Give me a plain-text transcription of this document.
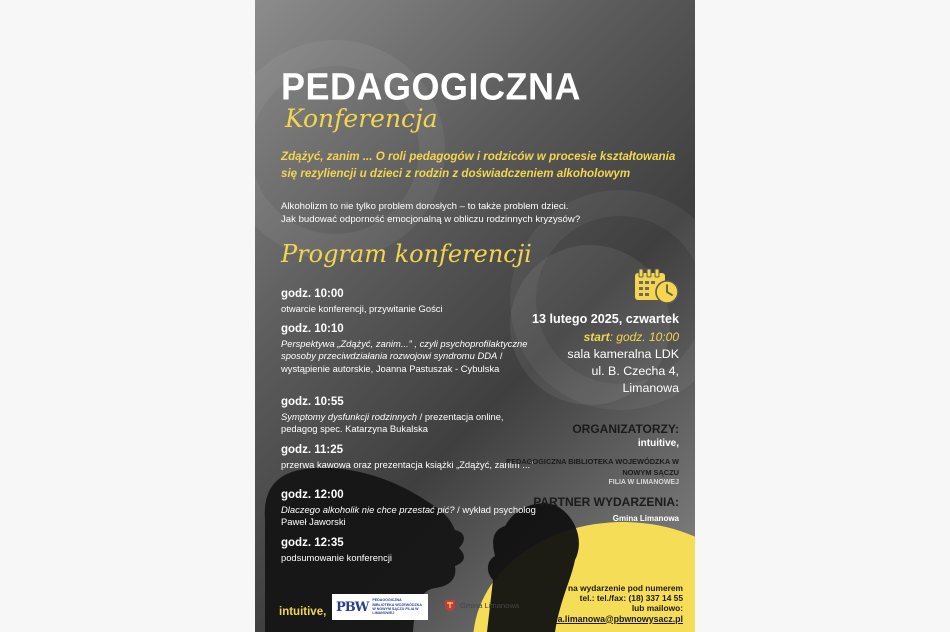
PEDAGOGICZNA
Konferencja
Zdążyć, zanim ... O roli pedagogów i rodziców w procesie kształtowania się rezyliencji u dzieci z rodzin z doświadczeniem alkoholowym
Alkoholizm to nie tylko problem dorosłych – to także problem dzieci.
Jak budować odporność emocjonalną w obliczu rodzinnych kryzysów?
Program konferencji
godz. 10:00
otwarcie konferencji, przywitanie Gości
godz. 10:10
Perspektywa „Zdążyć, zanim...” , czyli psychoprofilaktyczne sposoby przeciwdziałania rozwojowi syndromu DDA / wystąpienie autorskie, Joanna Pastuszak - Cybulska
godz. 10:55
Symptomy dysfunkcji rodzinnych / prezentacja online, pedagog spec. Katarzyna Bukalska
godz. 11:25
przerwa kawowa oraz prezentacja książki „Zdążyć, zanim ...”
godz. 12:00
Dlaczego alkoholik nie chce przestać pić? / wykład psycholog Paweł Jaworski
godz. 12:35
podsumowanie konferencji
13 lutego 2025, czwartek
start: godz. 10:00
sala kameralna LDK
ul. B. Czecha 4,
Limanowa
ORGANIZATORZY:
intuitive,
PEDAGOGICZNA BIBLIOTEKA WOJEWÓDZKA W NOWYM SĄCZU
FILIA W LIMANOWEJ
PARTNER WYDARZENIA:
Gmina Limanowa
zapisy na wydarzenie pod numerem
tel.: tel./fax: (18) 337 14 55
lub mailowo:
filia.limanowa@pbwnowysacz.pl
intuitive, PBW PEDAGOGICZNA BIBLIOTEKA WOJEWÓDZKA W NOWYM SĄCZU FILIA W LIMANOWEJ
Gmina Limanowa
